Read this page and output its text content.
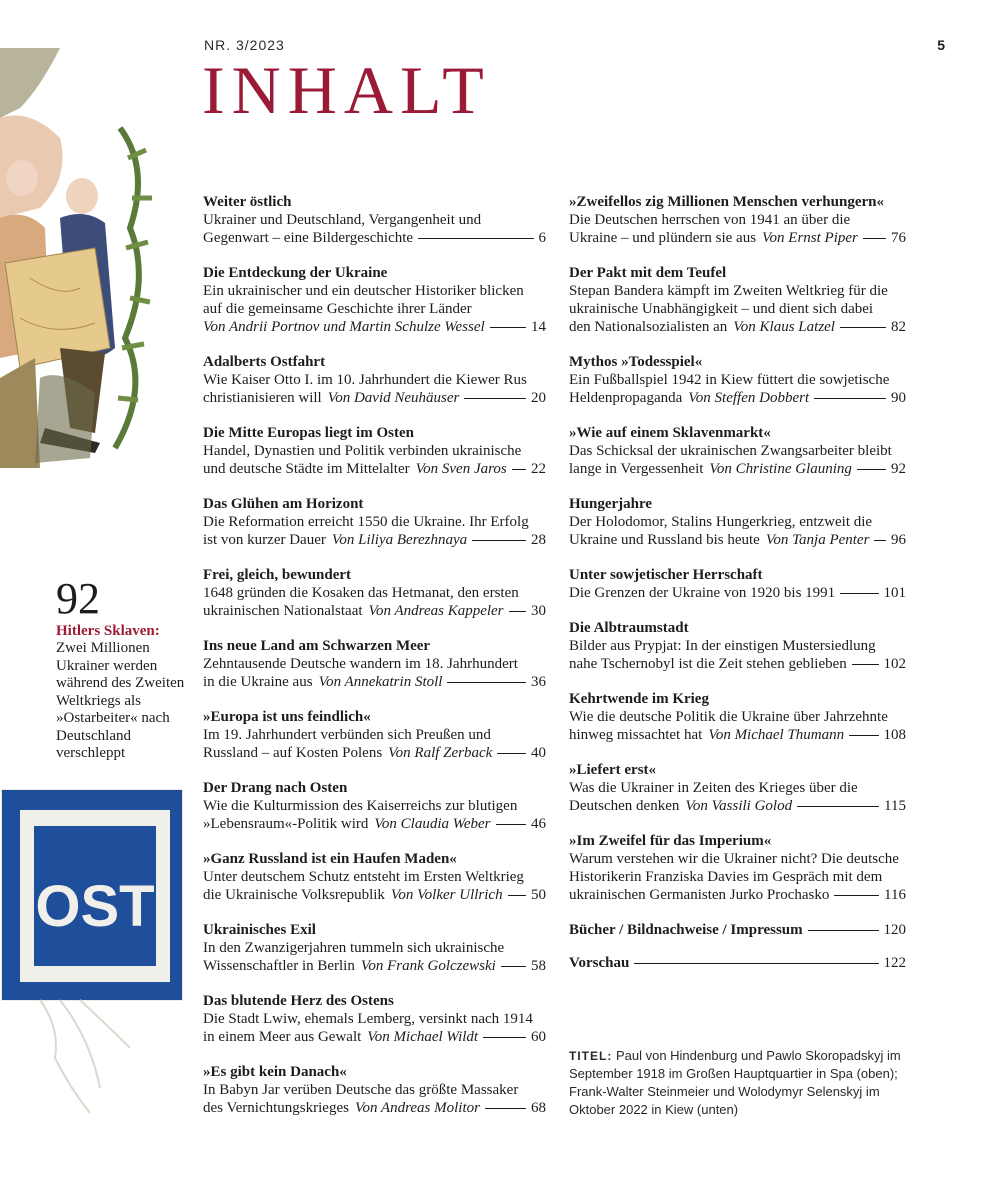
NR. 3/2023	5
INHALT
92
Hitlers Sklaven:
Zwei Millionen Ukrainer werden während des Zweiten Weltkriegs als »Ostarbeiter« nach Deutschland verschleppt
OST
Weiter östlich
Ukrainer und Deutschland, Vergangenheit und
Gegenwart – eine Bildergeschichte	6
Die Entdeckung der Ukraine
Ein ukrainischer und ein deutscher Historiker blicken auf die gemeinsame Geschichte ihrer Länder
Von Andrii Portnov und Martin Schulze Wessel	14
Adalberts Ostfahrt
Wie Kaiser Otto I. im 10. Jahrhundert die Kiewer Rus
christianisieren will Von David Neuhäuser	20
Die Mitte Europas liegt im Osten
Handel, Dynastien und Politik verbinden ukrainische
und deutsche Städte im Mittelalter Von Sven Jaros 22
Das Glühen am Horizont
Die Reformation erreicht 1550 die Ukraine. Ihr Erfolg
ist von kurzer Dauer Von Liliya Berezhnaya	28
Frei, gleich, bewundert
1648 gründen die Kosaken das Hetmanat, den ersten
ukrainischen Nationalstaat Von Andreas Kappeler 30
Ins neue Land am Schwarzen Meer
Zehntausende Deutsche wandern im 18. Jahrhundert
in die Ukraine aus Von Annekatrin Stoll	36
»Europa ist uns feindlich«
Im 19. Jahrhundert verbünden sich Preußen und
Russland – auf Kosten Polens Von Ralf Zerback	40
Der Drang nach Osten
Wie die Kulturmission des Kaiserreichs zur blutigen
»Lebensraum«-Politik wird Von Claudia Weber	46
»Ganz Russland ist ein Haufen Maden«
Unter deutschem Schutz entsteht im Ersten Weltkrieg
die Ukrainische Volksrepublik Von Volker Ullrich 50
Ukrainisches Exil
In den Zwanzigerjahren tummeln sich ukrainische
Wissenschaftler in Berlin Von Frank Golczewski 58
Das blutende Herz des Ostens
Die Stadt Lwiw, ehemals Lemberg, versinkt nach 1914
in einem Meer aus Gewalt Von Michael Wildt	60
»Es gibt kein Danach«
In Babyn Jar verüben Deutsche das größte Massaker
des Vernichtungskrieges Von Andreas Molitor	68
»Zweifellos zig Millionen Menschen verhungern«
Die Deutschen herrschen von 1941 an über die
Ukraine – und plündern sie aus Von Ernst Piper 76
Der Pakt mit dem Teufel
Stepan Bandera kämpft im Zweiten Weltkrieg für die ukrainische Unabhängigkeit – und dient sich dabei
den Nationalsozialisten an Von Klaus Latzel	82
Mythos »Todesspiel«
Ein Fußballspiel 1942 in Kiew füttert die sowjetische
Heldenpropaganda Von Steffen Dobbert	90
»Wie auf einem Sklavenmarkt«
Das Schicksal der ukrainischen Zwangsarbeiter bleibt
lange in Vergessenheit Von Christine Glauning	92
Hungerjahre
Der Holodomor, Stalins Hungerkrieg, entzweit die
Ukraine und Russland bis heute Von Tanja Penter 96
Unter sowjetischer Herrschaft
Die Grenzen der Ukraine von 1920 bis 1991	101
Die Albtraumstadt
Bilder aus Prypjat: In der einstigen Mustersiedlung
nahe Tschernobyl ist die Zeit stehen geblieben 102
Kehrtwende im Krieg
Wie die deutsche Politik die Ukraine über Jahrzehnte
hinweg missachtet hat Von Michael Thumann	108
»Liefert erst«
Was die Ukrainer in Zeiten des Krieges über die
Deutschen denken Von Vassili Golod	115
»Im Zweifel für das Imperium«
Warum verstehen wir die Ukrainer nicht? Die deutsche Historikerin Franziska Davies im Gespräch mit dem
ukrainischen Germanisten Jurko Prochasko	116
Bücher / Bildnachweise / Impressum	120
Vorschau	122
TITEL: Paul von Hindenburg und Pawlo Skoropadskyj im September 1918 im Großen Hauptquartier in Spa (oben); Frank-Walter Steinmeier und Wolodymyr Selenskyj im Oktober 2022 in Kiew (unten)
